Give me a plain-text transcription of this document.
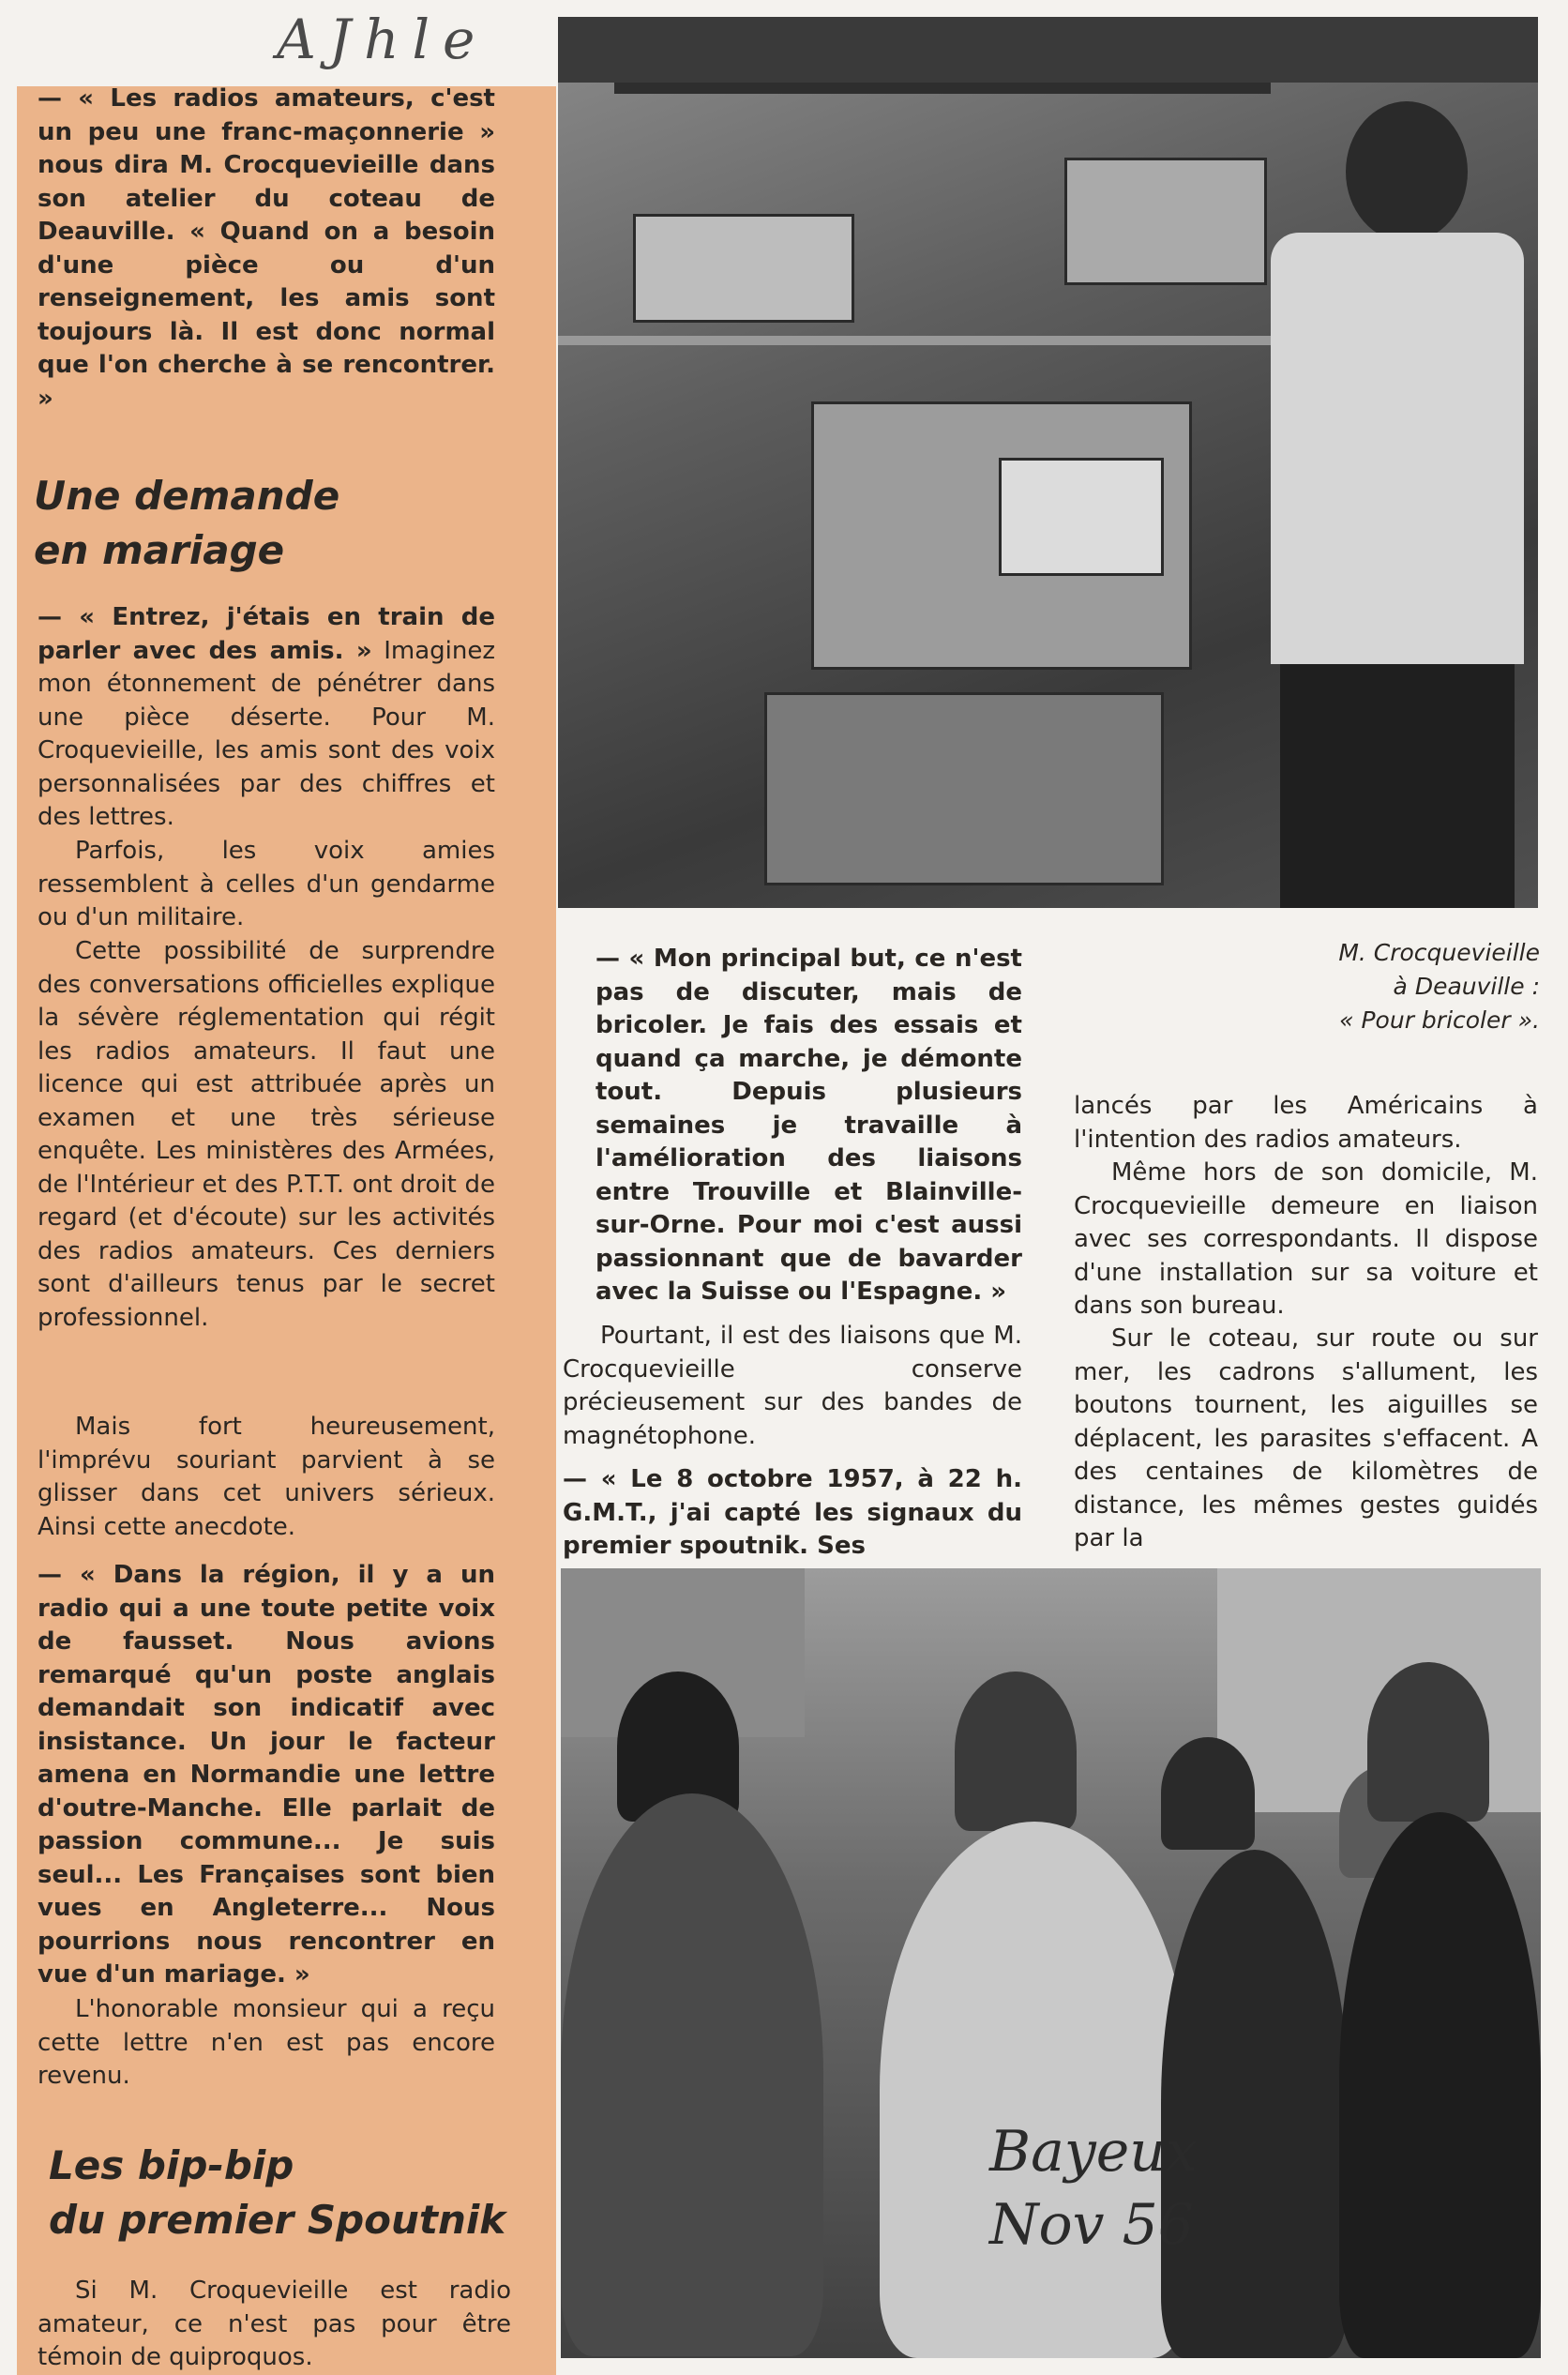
AJhle
Bayeux
Nov 56

— « Les radios amateurs, c'est un peu une franc-maçonnerie » nous dira M. Crocquevieille dans son atelier du coteau de Deauville. « Quand on a besoin d'une pièce ou d'un renseignement, les amis sont toujours là. Il est donc normal que l'on cherche à se rencontrer. »

Une demande
en mariage

— « Entrez, j'étais en train de parler avec des amis. » Imaginez mon étonnement de pénétrer dans une pièce déserte. Pour M. Croquevieille, les amis sont des voix personnalisées par des chiffres et des lettres.

Parfois, les voix amies ressemblent à celles d'un gendarme ou d'un militaire.

Cette possibilité de surprendre des conversations officielles explique la sévère réglementation qui régit les radios amateurs. Il faut une licence qui est attribuée après un examen et une très sérieuse enquête. Les ministères des Armées, de l'Intérieur et des P.T.T. ont droit de regard (et d'écoute) sur les activités des radios amateurs. Ces derniers sont d'ailleurs tenus par le secret professionnel.

Mais fort heureusement, l'imprévu souriant parvient à se glisser dans cet univers sérieux. Ainsi cette anecdote.

— « Dans la région, il y a un radio qui a une toute petite voix de fausset. Nous avions remarqué qu'un poste anglais demandait son indicatif avec insistance. Un jour le facteur amena en Normandie une lettre d'outre-Manche. Elle parlait de passion commune... Je suis seul... Les Françaises sont bien vues en Angleterre... Nous pourrions nous rencontrer en vue d'un mariage. »

L'honorable monsieur qui a reçu cette lettre n'en est pas encore revenu.

Les bip-bip
du premier Spoutnik

Si M. Croquevieille est radio amateur, ce n'est pas pour être témoin de quiproquos.

— « Mon principal but, ce n'est pas de discuter, mais de bricoler. Je fais des essais et quand ça marche, je démonte tout. Depuis plusieurs semaines je travaille à l'amélioration des liaisons entre Trouville et Blainville-sur-Orne. Pour moi c'est aussi passionnant que de bavarder avec la Suisse ou l'Espagne. »

Pourtant, il est des liaisons que M. Crocquevieille conserve précieusement sur des bandes de magnétophone.

— « Le 8 octobre 1957, à 22 h. G.M.T., j'ai capté les signaux du premier spoutnik. Ses

M. Crocquevieille
à Deauville :
« Pour bricoler ».

lancés par les Américains à l'intention des radios amateurs.

Même hors de son domicile, M. Crocquevieille demeure en liaison avec ses correspondants. Il dispose d'une installation sur sa voiture et dans son bureau.

Sur le coteau, sur route ou sur mer, les cadrons s'allument, les boutons tournent, les aiguilles se déplacent, les parasites s'effacent. A des centaines de kilomètres de distance, les mêmes gestes guidés par la
